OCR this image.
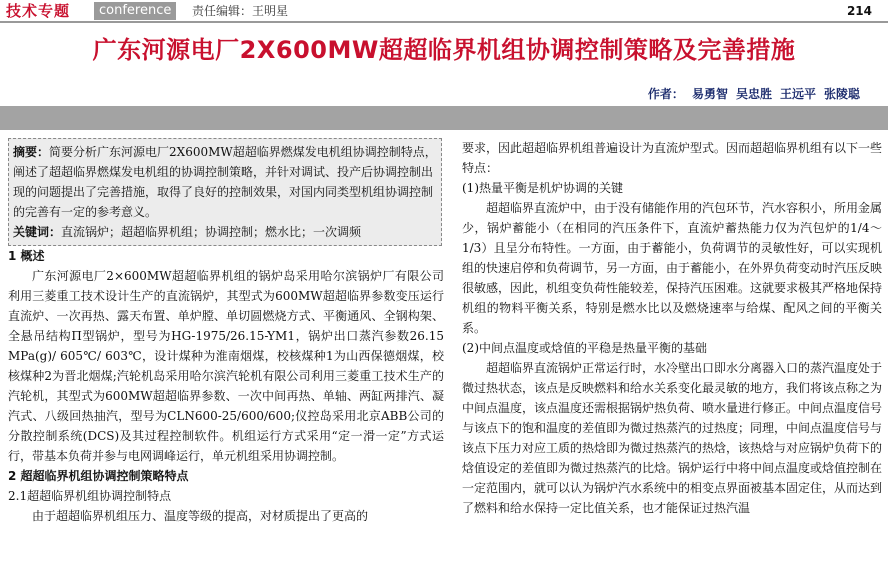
技术专题	conference	责任编辑：王明星	214
广东河源电厂2X600MW超超临界机组协调控制策略及完善措施
作者： 易勇智 吴忠胜 王远平 张陵聪
摘要：简要分析广东河源电厂2X600MW超超临界燃煤发电机组协调控制特点，阐述了超超临界燃煤发电机组的协调控制策略，并针对调试、投产后协调控制出现的问题提出了完善措施，取得了良好的控制效果，对国内同类型机组协调控制的完善有一定的参考意义。
关键词：直流锅炉；超超临界机组；协调控制；燃水比；一次调频
1 概述

广东河源电厂2×600MW超超临界机组的锅炉岛采用哈尔滨锅炉厂有限公司利用三菱重工技术设计生产的直流锅炉，其型式为600MW超超临界参数变压运行直流炉、一次再热、露天布置、单炉膛、单切圆燃烧方式、平衡通风、全钢构架、全悬吊结构Π型锅炉，型号为HG-1975/26.15-YM1，锅炉出口蒸汽参数26.15 MPa(g)/ 605℃/ 603℃，设计煤种为淮南烟煤，校核煤种1为山西保德烟煤，校核煤种2为晋北烟煤;汽轮机岛采用哈尔滨汽轮机有限公司利用三菱重工技术生产的汽轮机，其型式为600MW超超临界参数、一次中间再热、单轴、两缸两排汽、凝汽式、八级回热抽汽，型号为CLN600-25/600/600;仪控岛采用北京ABB公司的分散控制系统(DCS)及其过程控制软件。机组运行方式采用“定一滑一定”方式运行，带基本负荷并参与电网调峰运行，单元机组采用协调控制。

2 超超临界机组协调控制策略特点
2.1超超临界机组协调控制特点

由于超超临界机组压力、温度等级的提高，对材质提出了更高的

要求，因此超超临界机组普遍设计为直流炉型式。因而超超临界机组有以下一些特点：

(1)热量平衡是机炉协调的关键

超超临界直流炉中，由于没有储能作用的汽包环节，汽水容积小，所用金属少，锅炉蓄能小（在相同的汽压条件下，直流炉蓄热能力仅为汽包炉的1/4～1/3）且呈分布特性。一方面，由于蓄能小，负荷调节的灵敏性好，可以实现机组的快速启停和负荷调节，另一方面，由于蓄能小，在外界负荷变动时汽压反映很敏感，因此，机组变负荷性能较差，保持汽压困难。这就要求极其严格地保持机组的物料平衡关系，特别是燃水比以及燃烧速率与给煤、配风之间的平衡关系。

(2)中间点温度或焓值的平稳是热量平衡的基础

超超临界直流锅炉正常运行时，水冷壁出口即水分离器入口的蒸汽温度处于微过热状态，该点是反映燃料和给水关系变化最灵敏的地方，我们将该点称之为中间点温度，该点温度还需根据锅炉热负荷、喷水量进行修正。中间点温度信号与该点下的饱和温度的差值即为微过热蒸汽的过热度；同理，中间点温度信号与该点下压力对应工质的热焓即为微过热蒸汽的热焓，该热焓与对应锅炉负荷下的焓值设定的差值即为微过热蒸汽的比焓。锅炉运行中将中间点温度或焓值控制在一定范围内，就可以认为锅炉汽水系统中的相变点界面被基本固定住，从而达到了燃料和给水保持一定比值关系，也才能保证过热汽温
